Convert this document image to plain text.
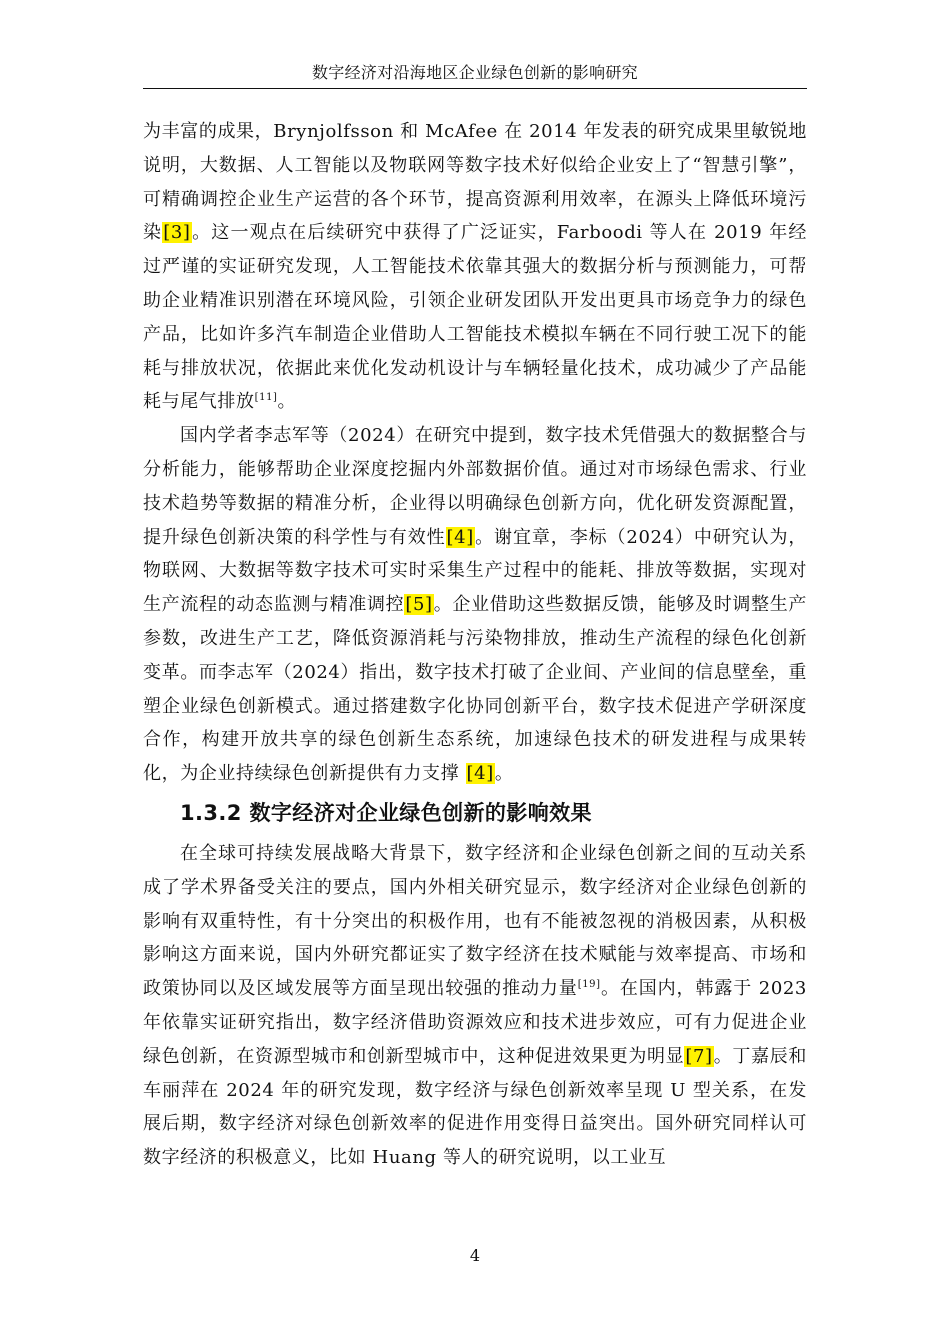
数字经济对沿海地区企业绿色创新的影响研究

为丰富的成果，Brynjolfsson 和 McAfee 在 2014 年发表的研究成果里敏锐地说明，大数据、人工智能以及物联网等数字技术好似给企业安上了“智慧引擎”，可精确调控企业生产运营的各个环节，提高资源利用效率，在源头上降低环境污染[3]。这一观点在后续研究中获得了广泛证实，Farboodi 等人在 2019 年经过严谨的实证研究发现，人工智能技术依靠其强大的数据分析与预测能力，可帮助企业精准识别潜在环境风险，引领企业研发团队开发出更具市场竞争力的绿色产品，比如许多汽车制造企业借助人工智能技术模拟车辆在不同行驶工况下的能耗与排放状况，依据此来优化发动机设计与车辆轻量化技术，成功减少了产品能耗与尾气排放[11]。

国内学者李志军等（2024）在研究中提到，数字技术凭借强大的数据整合与分析能力，能够帮助企业深度挖掘内外部数据价值。通过对市场绿色需求、行业技术趋势等数据的精准分析，企业得以明确绿色创新方向，优化研发资源配置，提升绿色创新决策的科学性与有效性[4]。谢宜章，李标（2024）中研究认为，物联网、大数据等数字技术可实时采集生产过程中的能耗、排放等数据，实现对生产流程的动态监测与精准调控[5]。企业借助这些数据反馈，能够及时调整生产参数，改进生产工艺，降低资源消耗与污染物排放，推动生产流程的绿色化创新变革。而李志军（2024）指出，数字技术打破了企业间、产业间的信息壁垒，重塑企业绿色创新模式。通过搭建数字化协同创新平台，数字技术促进产学研深度合作，构建开放共享的绿色创新生态系统，加速绿色技术的研发进程与成果转化，为企业持续绿色创新提供有力支撑 [4]。

1.3.2 数字经济对企业绿色创新的影响效果

在全球可持续发展战略大背景下，数字经济和企业绿色创新之间的互动关系成了学术界备受关注的要点，国内外相关研究显示，数字经济对企业绿色创新的影响有双重特性，有十分突出的积极作用，也有不能被忽视的消极因素，从积极影响这方面来说，国内外研究都证实了数字经济在技术赋能与效率提高、市场和政策协同以及区域发展等方面呈现出较强的推动力量[19]。在国内，韩露于 2023 年依靠实证研究指出，数字经济借助资源效应和技术进步效应，可有力促进企业绿色创新，在资源型城市和创新型城市中，这种促进效果更为明显[7]。丁嘉辰和车丽萍在 2024 年的研究发现，数字经济与绿色创新效率呈现 U 型关系，在发展后期，数字经济对绿色创新效率的促进作用变得日益突出。国外研究同样认可数字经济的积极意义，比如 Huang 等人的研究说明，以工业互

4
